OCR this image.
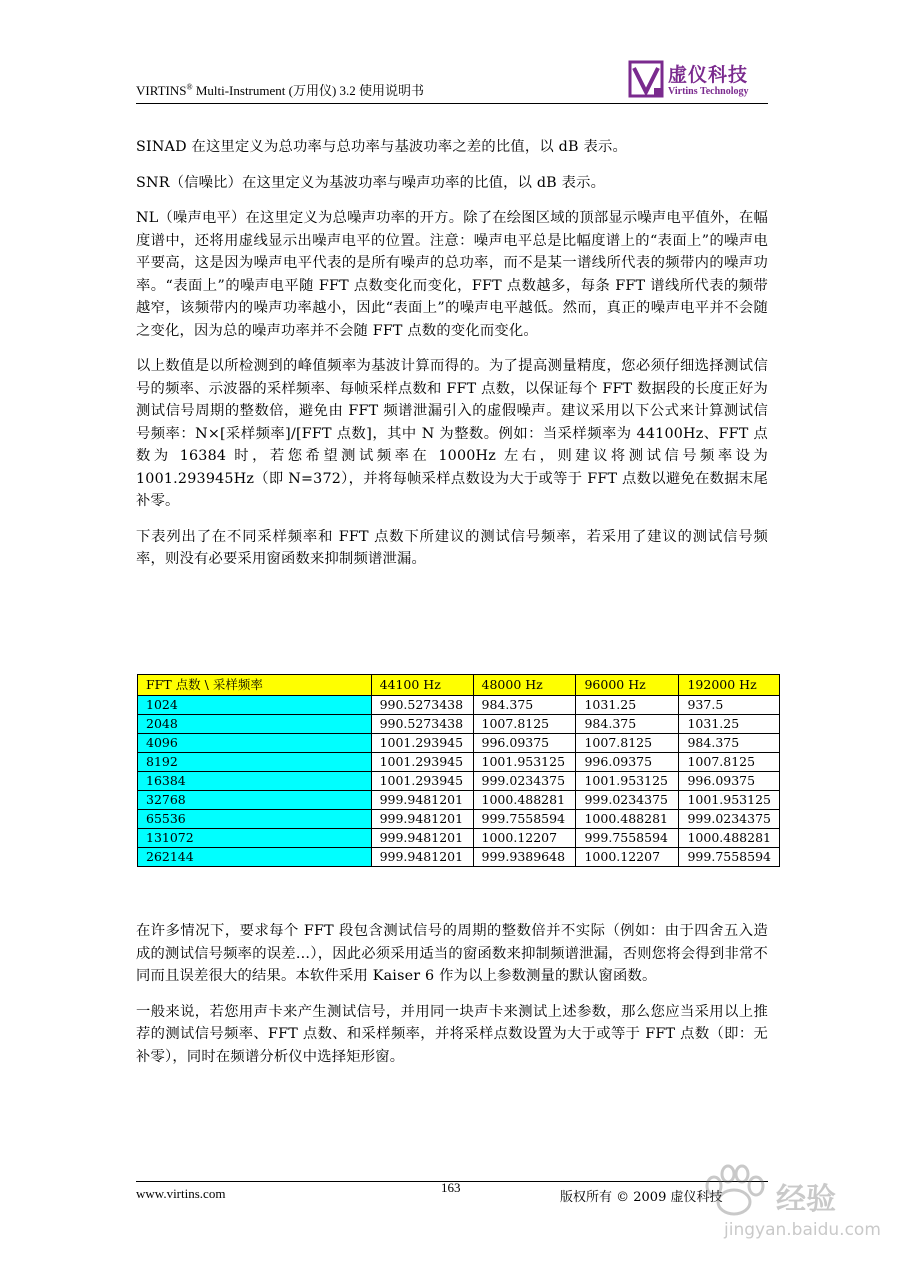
VIRTINS® Multi-Instrument (万用仪) 3.2 使用说明书
虚仪科技
Virtins Technology

SINAD 在这里定义为总功率与总功率与基波功率之差的比值，以 dB 表示。

SNR（信噪比）在这里定义为基波功率与噪声功率的比值，以 dB 表示。

NL（噪声电平）在这里定义为总噪声功率的开方。除了在绘图区域的顶部显示噪声电平值外，在幅度谱中，还将用虚线显示出噪声电平的位置。注意：噪声电平总是比幅度谱上的“表面上”的噪声电平要高，这是因为噪声电平代表的是所有噪声的总功率，而不是某一谱线所代表的频带内的噪声功率。“表面上”的噪声电平随 FFT 点数变化而变化，FFT 点数越多，每条 FFT 谱线所代表的频带越窄，该频带内的噪声功率越小，因此“表面上”的噪声电平越低。然而，真正的噪声电平并不会随之变化，因为总的噪声功率并不会随 FFT 点数的变化而变化。

以上数值是以所检测到的峰值频率为基波计算而得的。为了提高测量精度，您必须仔细选择测试信号的频率、示波器的采样频率、每帧采样点数和 FFT 点数，以保证每个 FFT 数据段的长度正好为测试信号周期的整数倍，避免由 FFT 频谱泄漏引入的虚假噪声。建议采用以下公式来计算测试信号频率：N×[采样频率]/[FFT 点数]，其中 N 为整数。例如：当采样频率为 44100Hz、FFT 点数为 16384 时，若您希望测试频率在 1000Hz 左右，则建议将测试信号频率设为 1001.293945Hz（即 N=372），并将每帧采样点数设为大于或等于 FFT 点数以避免在数据末尾补零。

下表列出了在不同采样频率和 FFT 点数下所建议的测试信号频率，若采用了建议的测试信号频率，则没有必要采用窗函数来抑制频谱泄漏。

FFT 点数 \ 采样频率	44100 Hz	48000 Hz	96000 Hz	192000 Hz
1024	990.5273438	984.375	1031.25	937.5
2048	990.5273438	1007.8125	984.375	1031.25
4096	1001.293945	996.09375	1007.8125	984.375
8192	1001.293945	1001.953125	996.09375	1007.8125
16384	1001.293945	999.0234375	1001.953125	996.09375
32768	999.9481201	1000.488281	999.0234375	1001.953125
65536	999.9481201	999.7558594	1000.488281	999.0234375
131072	999.9481201	1000.12207	999.7558594	1000.488281
262144	999.9481201	999.9389648	1000.12207	999.7558594

在许多情况下，要求每个 FFT 段包含测试信号的周期的整数倍并不实际（例如：由于四舍五入造成的测试信号频率的误差…），因此必须采用适当的窗函数来抑制频谱泄漏，否则您将会得到非常不同而且误差很大的结果。本软件采用 Kaiser 6 作为以上参数测量的默认窗函数。

一般来说，若您用声卡来产生测试信号，并用同一块声卡来测试上述参数，那么您应当采用以上推荐的测试信号频率、FFT 点数、和采样频率，并将采样点数设置为大于或等于 FFT 点数（即：无补零），同时在频谱分析仪中选择矩形窗。

www.virtins.com	163
版权所有 © 2009 虚仪科技 经验
jingyan.baidu.com
